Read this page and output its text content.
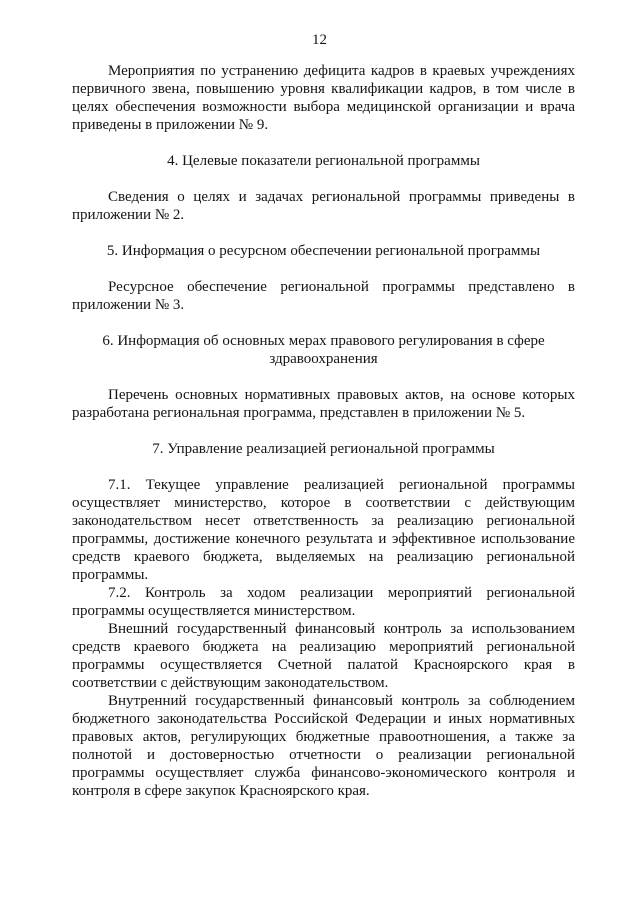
12

Мероприятия по устранению дефицита кадров в краевых учреждениях первичного звена, повышению уровня квалификации кадров, в том числе в целях обеспечения возможности выбора медицинской организации и врача приведены в приложении № 9.

4. Целевые показатели региональной программы

Сведения о целях и задачах региональной программы приведены в приложении № 2.

5. Информация о ресурсном обеспечении региональной программы

Ресурсное обеспечение региональной программы представлено в приложении № 3.

6. Информация об основных мерах правового регулирования в сфере

здравоохранения

Перечень основных нормативных правовых актов, на основе которых разработана региональная программа, представлен в приложении № 5.

7. Управление реализацией региональной программы

7.1. Текущее управление реализацией региональной программы осуществляет министерство, которое в соответствии с действующим законодательством несет ответственность за реализацию региональной программы, достижение конечного результата и эффективное использование средств краевого бюджета, выделяемых на реализацию региональной программы.

7.2. Контроль за ходом реализации мероприятий региональной программы осуществляется министерством.

Внешний государственный финансовый контроль за использованием средств краевого бюджета на реализацию мероприятий региональной программы осуществляется Счетной палатой Красноярского края в соответствии с действующим законодательством.

Внутренний государственный финансовый контроль за соблюдением бюджетного законодательства Российской Федерации и иных нормативных правовых актов, регулирующих бюджетные правоотношения, а также за полнотой и достоверностью отчетности о реализации региональной программы осуществляет служба финансово-экономического контроля и контроля в сфере закупок Красноярского края.
